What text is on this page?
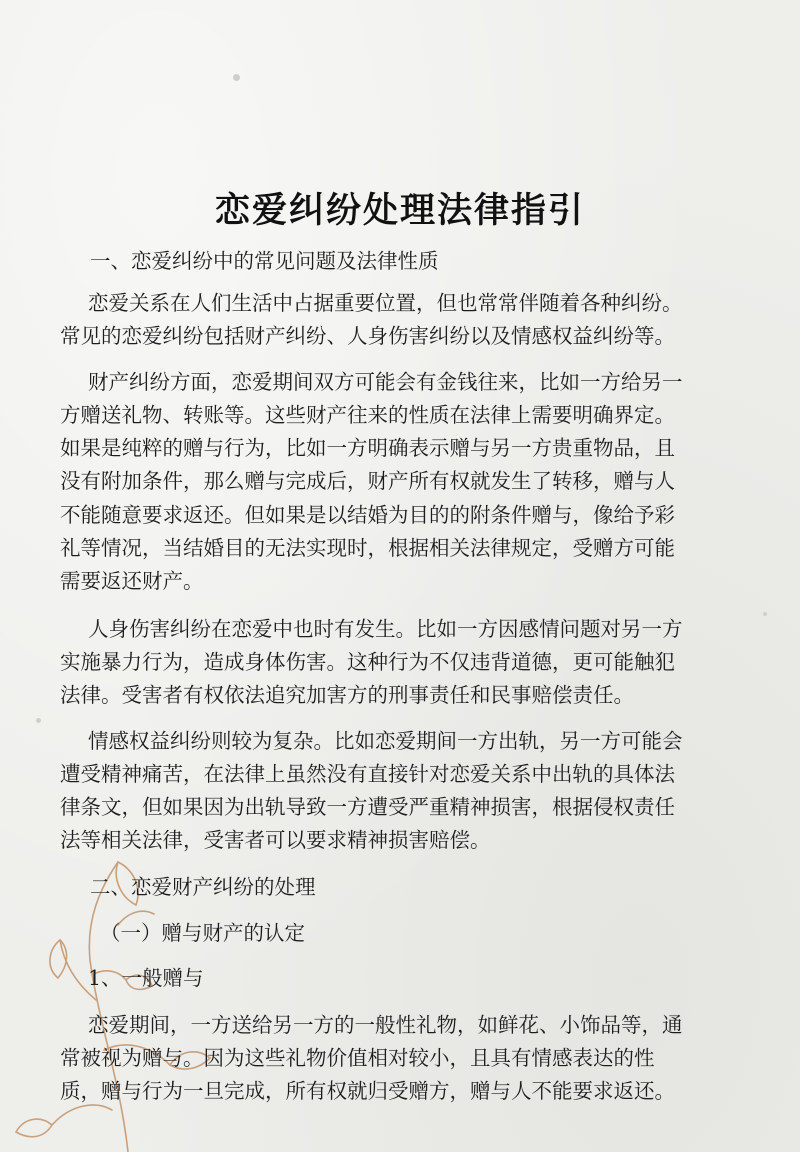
恋爱纠纷处理法律指引

一、恋爱纠纷中的常见问题及法律性质

恋爱关系在人们生活中占据重要位置，但也常常伴随着各种纠纷。

常见的恋爱纠纷包括财产纠纷、人身伤害纠纷以及情感权益纠纷等。

财产纠纷方面，恋爱期间双方可能会有金钱往来，比如一方给另一

方赠送礼物、转账等。这些财产往来的性质在法律上需要明确界定。

如果是纯粹的赠与行为，比如一方明确表示赠与另一方贵重物品，且

没有附加条件，那么赠与完成后，财产所有权就发生了转移，赠与人

不能随意要求返还。但如果是以结婚为目的的附条件赠与，像给予彩

礼等情况，当结婚目的无法实现时，根据相关法律规定，受赠方可能

需要返还财产。

人身伤害纠纷在恋爱中也时有发生。比如一方因感情问题对另一方

实施暴力行为，造成身体伤害。这种行为不仅违背道德，更可能触犯

法律。受害者有权依法追究加害方的刑事责任和民事赔偿责任。

情感权益纠纷则较为复杂。比如恋爱期间一方出轨，另一方可能会

遭受精神痛苦，在法律上虽然没有直接针对恋爱关系中出轨的具体法

律条文，但如果因为出轨导致一方遭受严重精神损害，根据侵权责任

法等相关法律，受害者可以要求精神损害赔偿。

二、恋爱财产纠纷的处理

（一）赠与财产的认定

1、一般赠与

恋爱期间，一方送给另一方的一般性礼物，如鲜花、小饰品等，通

常被视为赠与。因为这些礼物价值相对较小，且具有情感表达的性

质，赠与行为一旦完成，所有权就归受赠方，赠与人不能要求返还。
